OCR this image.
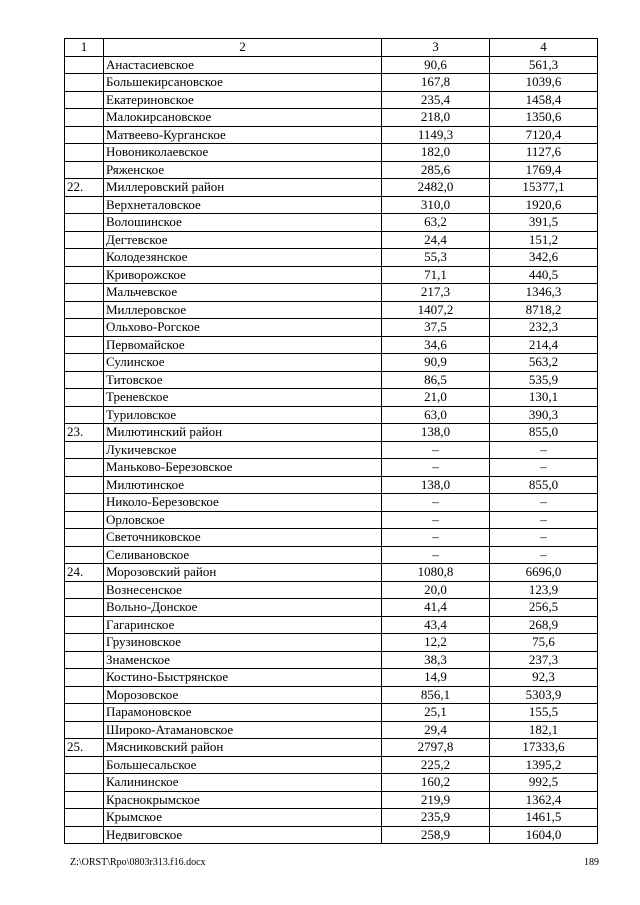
1	2	3	4
	Анастасиевское	90,6	561,3
	Большекирсановское	167,8	1039,6
	Екатериновское	235,4	1458,4
	Малокирсановское	218,0	1350,6
	Матвеево-Курганское	1149,3	7120,4
	Новониколаевское	182,0	1127,6
	Ряженское	285,6	1769,4
22.	Миллеровский район	2482,0	15377,1
	Верхнеталовское	310,0	1920,6
	Волошинское	63,2	391,5
	Дегтевское	24,4	151,2
	Колодезянское	55,3	342,6
	Криворожское	71,1	440,5
	Мальчевское	217,3	1346,3
	Миллеровское	1407,2	8718,2
	Ольхово-Рогское	37,5	232,3
	Первомайское	34,6	214,4
	Сулинское	90,9	563,2
	Титовское	86,5	535,9
	Треневское	21,0	130,1
	Туриловское	63,0	390,3
23.	Милютинский район	138,0	855,0
	Лукичевское	–	–
	Маньково-Березовское	–	–
	Милютинское	138,0	855,0
	Николо-Березовское	–	–
	Орловское	–	–
	Светочниковское	–	–
	Селивановское	–	–
24.	Морозовский район	1080,8	6696,0
	Вознесенское	20,0	123,9
	Вольно-Донское	41,4	256,5
	Гагаринское	43,4	268,9
	Грузиновское	12,2	75,6
	Знаменское	38,3	237,3
	Костино-Быстрянское	14,9	92,3
	Морозовское	856,1	5303,9
	Парамоновское	25,1	155,5
	Широко-Атамановское	29,4	182,1
25.	Мясниковский район	2797,8	17333,6
	Большесальское	225,2	1395,2
	Калининское	160,2	992,5
	Краснокрымское	219,9	1362,4
	Крымское	235,9	1461,5
	Недвиговское	258,9	1604,0
Z:\ORST\Rpo\0803r313.f16.docx	189
